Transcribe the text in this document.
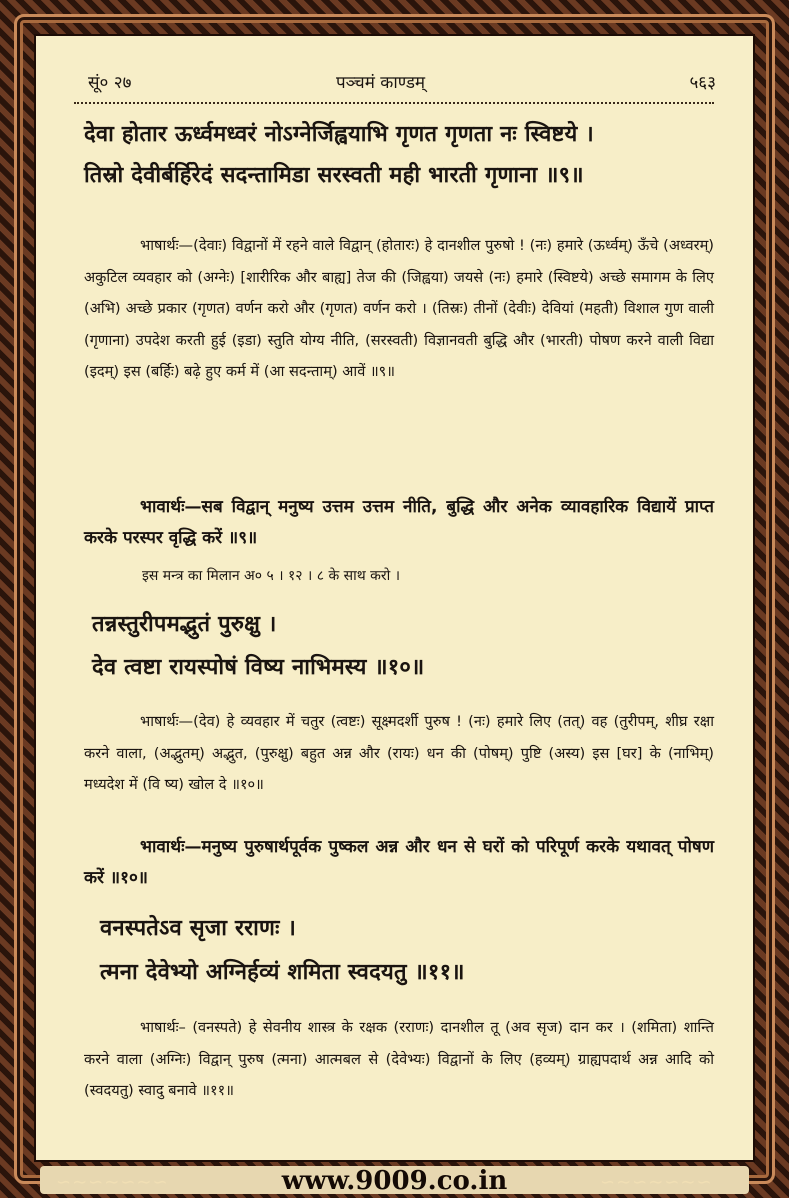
सूं० २७	पञ्चमं काण्डम्	५६३
देवा होतार ऊर्ध्वमध्वरं नोऽग्नेर्जिह्वयाभि गृणत गृणता नः स्विष्टये ।
तिस्रो देवीर्बर्हिरेदं सदन्तामिडा सरस्वती मही भारती गृणाना ॥९॥
भाषार्थः—(देवाः) विद्वानों में रहने वाले विद्वान् (होतारः) हे दानशील पुरुषो ! (नः) हमारे (ऊर्ध्वम्) ऊँचे (अध्वरम्) अकुटिल व्यवहार को (अग्नेः) [शारीरिक और बाह्य] तेज की (जिह्वया) जयसे (नः) हमारे (स्विष्टये) अच्छे समागम के लिए (अभि) अच्छे प्रकार (गृणत) वर्णन करो और (गृणत) वर्णन करो । (तिस्रः) तीनों (देवीः) देवियां (महती) विशाल गुण वाली (गृणाना) उपदेश करती हुई (इडा) स्तुति योग्य नीति, (सरस्वती) विज्ञानवती बुद्धि और (भारती) पोषण करने वाली विद्या (इदम्) इस (बर्हिः) बढ़े हुए कर्म में (आ सदन्ताम्) आवें ॥९॥
भावार्थः—सब विद्वान् मनुष्य उत्तम उत्तम नीति, बुद्धि और अनेक व्यावहारिक विद्यायें प्राप्त करके परस्पर वृद्धि करें ॥९॥
इस मन्त्र का मिलान अ० ५ । १२ । ८ के साथ करो ।
तन्नस्तुरीपमद्भुतं पुरुक्षु ।
देव त्वष्टा रायस्पोषं विष्य नाभिमस्य ॥१०॥
भाषार्थः—(देव) हे व्यवहार में चतुर (त्वष्टः) सूक्ष्मदर्शी पुरुष ! (नः) हमारे लिए (तत्) वह (तुरीपम्, शीघ्र रक्षा करने वाला, (अद्भुतम्) अद्भुत, (पुरुक्षु) बहुत अन्न और (रायः) धन की (पोषम्) पुष्टि (अस्य) इस [घर] के (नाभिम्) मध्यदेश में (वि ष्य) खोल दे ॥१०॥
भावार्थः—मनुष्य पुरुषार्थपूर्वक पुष्कल अन्न और धन से घरों को परिपूर्ण करके यथावत् पोषण करें ॥१०॥
वनस्पतेऽव सृजा रराणः ।
त्मना देवेभ्यो अग्निर्हव्यं शमिता स्वदयतु ॥११॥
भाषार्थः– (वनस्पते) हे सेवनीय शास्त्र के रक्षक (रराणः) दानशील तू (अव सृज) दान कर । (शमिता) शान्ति करने वाला (अग्निः) विद्वान् पुरुष (त्मना) आत्मबल से (देवेभ्यः) विद्वानों के लिए (हव्यम्) ग्राह्यपदार्थ अन्न आदि को (स्वदयतु) स्वादु बनावे ॥११॥
∽∼∽∼∽∼∽	∽∼∽∼∽∼∽
www.9009.co.in
